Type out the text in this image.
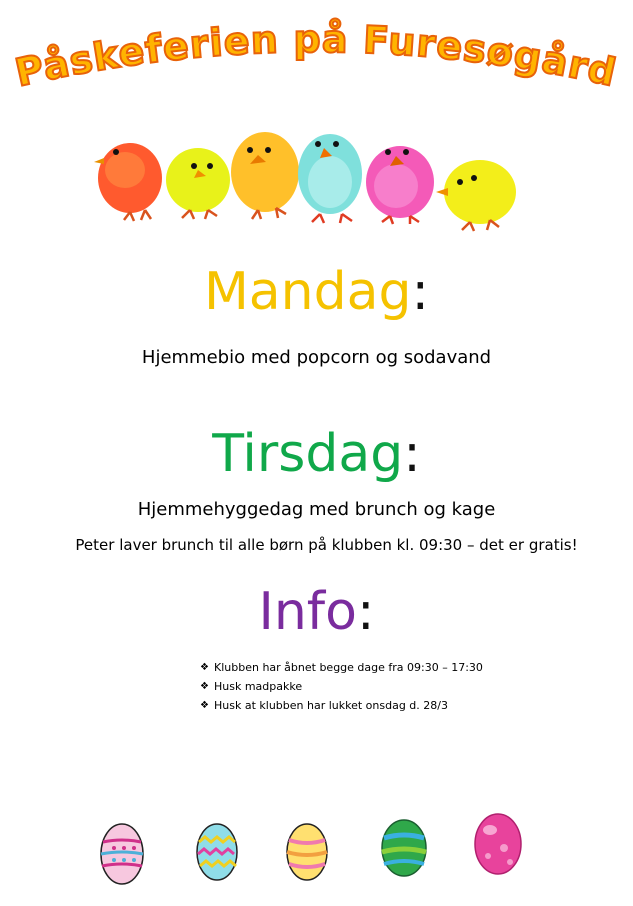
Påskeferien på Furesøgård
Mandag:
Hjemmebio med popcorn og sodavand
Tirsdag:
Hjemmehyggedag med brunch og kage
Peter laver brunch til alle børn på klubben kl. 09:30 – det er gratis!
Info:
❖ Klubben har åbnet begge dage fra 09:30 – 17:30
❖ Husk madpakke
❖ Husk at klubben har lukket onsdag d. 28/3
